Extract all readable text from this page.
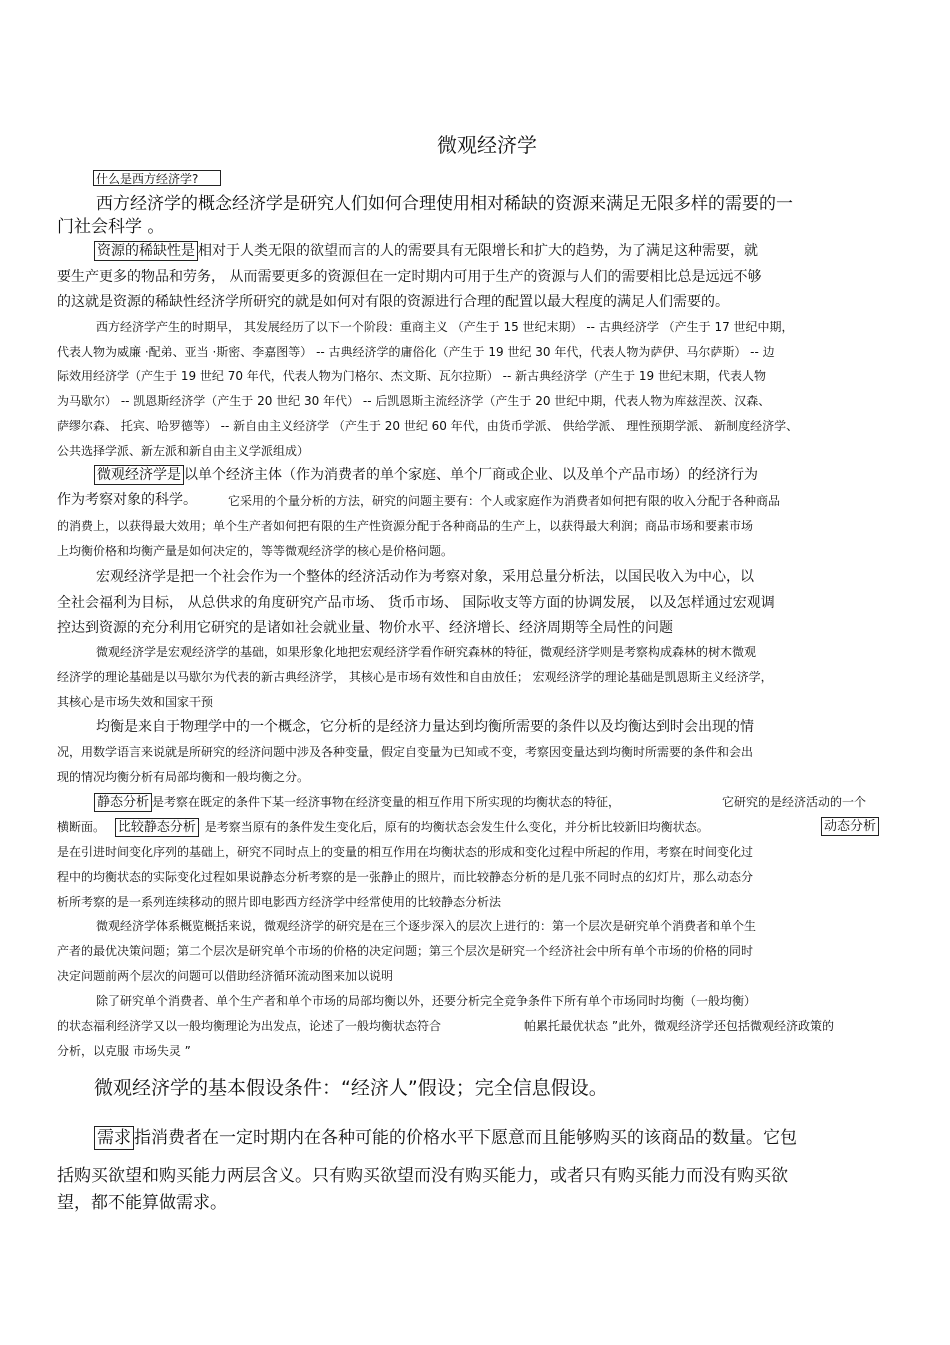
微观经济学
什么是西方经济学?
西方经济学的概念经济学是研究人们如何合理使用相对稀缺的资源来满足无限多样的需要的一
门社会科学 。
资源的稀缺性是 相对于人类无限的欲望而言的人的需要具有无限增长和扩大的趋势，为了满足这种需要，就
要生产更多的物品和劳务， 从而需要更多的资源但在一定时期内可用于生产的资源与人们的需要相比总是远远不够
的这就是资源的稀缺性经济学所研究的就是如何对有限的资源进行合理的配置以最大程度的满足人们需要的。
西方经济学产生的时期早， 其发展经历了以下一个阶段：重商主义 （产生于 15 世纪末期） -- 古典经济学 （产生于 17 世纪中期，
代表人物为威廉 ·配弟、亚当 ·斯密、李嘉图等） -- 古典经济学的庸俗化（产生于 19 世纪 30 年代，代表人物为萨伊、马尔萨斯） -- 边
际效用经济学（产生于 19 世纪 70 年代，代表人物为门格尔、杰文斯、瓦尔拉斯） -- 新古典经济学（产生于 19 世纪末期，代表人物
为马歇尔） -- 凯恩斯经济学（产生于 20 世纪 30 年代） -- 后凯恩斯主流经济学（产生于 20 世纪中期，代表人物为库兹涅茨、汉森、
萨缪尔森、 托宾、哈罗德等） -- 新自由主义经济学 （产生于 20 世纪 60 年代，由货币学派、 供给学派、 理性预期学派、 新制度经济学、
公共选择学派、新左派和新自由主义学派组成）
微观经济学是 以单个经济主体（作为消费者的单个家庭、单个厂商或企业、以及单个产品市场）的经济行为
作为考察对象的科学。	它采用的个量分析的方法，研究的问题主要有：个人或家庭作为消费者如何把有限的收入分配于各种商品
的消费上，以获得最大效用；单个生产者如何把有限的生产性资源分配于各种商品的生产上，以获得最大利润；商品市场和要素市场
上均衡价格和均衡产量是如何决定的，等等微观经济学的核心是价格问题。
宏观经济学是把一个社会作为一个整体的经济活动作为考察对象，采用总量分析法，以国民收入为中心，以
全社会福利为目标， 从总供求的角度研究产品市场、 货币市场、 国际收支等方面的协调发展， 以及怎样通过宏观调
控达到资源的充分利用它研究的是诸如社会就业量、物价水平、经济增长、经济周期等全局性的问题
微观经济学是宏观经济学的基础，如果形象化地把宏观经济学看作研究森林的特征，微观经济学则是考察构成森林的树木微观
经济学的理论基础是以马歇尔为代表的新古典经济学， 其核心是市场有效性和自由放任； 宏观经济学的理论基础是凯恩斯主义经济学，
其核心是市场失效和国家干预
均衡是来自于物理学中的一个概念，它分析的是经济力量达到均衡所需要的条件以及均衡达到时会出现的情
况，用数学语言来说就是所研究的经济问题中涉及各种变量，假定自变量为已知或不变，考察因变量达到均衡时所需要的条件和会出
现的情况均衡分析有局部均衡和一般均衡之分。
静态分析 是考察在既定的条件下某一经济事物在经济变量的相互作用下所实现的均衡状态的特征，	它研究的是经济活动的一个
横断面。 比较静态分析 是考察当原有的条件发生变化后，原有的均衡状态会发生什么变化，并分析比较新旧均衡状态。	动态分析
是在引进时间变化序列的基础上，研究不同时点上的变量的相互作用在均衡状态的形成和变化过程中所起的作用，考察在时间变化过
程中的均衡状态的实际变化过程如果说静态分析考察的是一张静止的照片，而比较静态分析的是几张不同时点的幻灯片，那么动态分
析所考察的是一系列连续移动的照片即电影西方经济学中经常使用的比较静态分析法
微观经济学体系概览概括来说，微观经济学的研究是在三个逐步深入的层次上进行的：第一个层次是研究单个消费者和单个生
产者的最优决策问题；第二个层次是研究单个市场的价格的决定问题；第三个层次是研究一个经济社会中所有单个市场的价格的同时
决定问题前两个层次的问题可以借助经济循环流动图来加以说明
除了研究单个消费者、单个生产者和单个市场的局部均衡以外，还要分析完全竞争条件下所有单个市场同时均衡（一般均衡）
的状态福利经济学又以一般均衡理论为出发点，论述了一般均衡状态符合	帕累托最优状态 ”此外，微观经济学还包括微观经济政策的
分析，以克服 市场失灵 ”
微观经济学的基本假设条件：“经济人”假设；完全信息假设。
需求 指消费者在一定时期内在各种可能的价格水平下愿意而且能够购买的该商品的数量。它包
括购买欲望和购买能力两层含义。只有购买欲望而没有购买能力，或者只有购买能力而没有购买欲
望，都不能算做需求。
